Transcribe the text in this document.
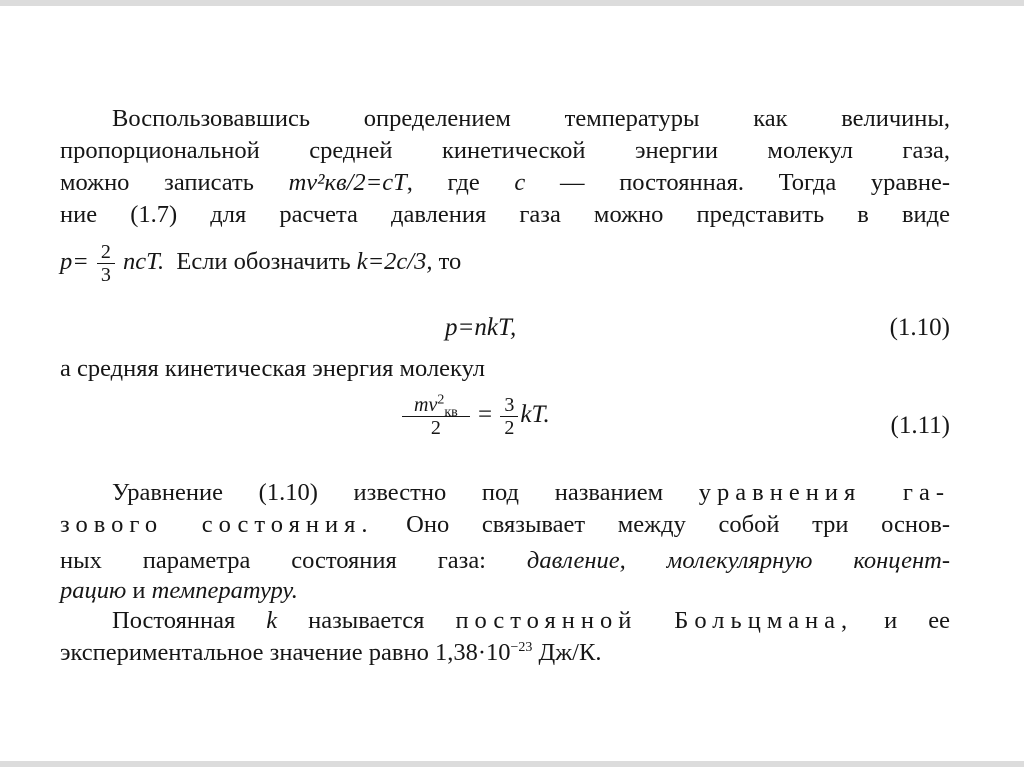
Воспользовавшись определением температуры как величины,
пропорциональной средней кинетической энергии молекул газа,
можно записать mv²кв/2=cT, где c — постоянная. Тогда уравне-
ние (1.7) для расчета давления газа можно представить в виде
$p= \frac{2}{3}$ ncT. Если обозначить k=2c/3, то
p=nkT,	(1.10)
а средняя кинетическая энергия молекул
$\frac{mv^2_{кв}}{2} = \frac{3}{2}$ kT.	(1.11)
Уравнение (1.10) известно под названием уравнения га-
зового состояния. Оно связывает между собой три основ-
ных параметра состояния газа: давление, молекулярную концент-
рацию и температуру.
Постоянная k называется постоянной Больцмана, и ее
экспериментальное значение равно $1,38\cdot 10^{-23}$ Дж/К.
